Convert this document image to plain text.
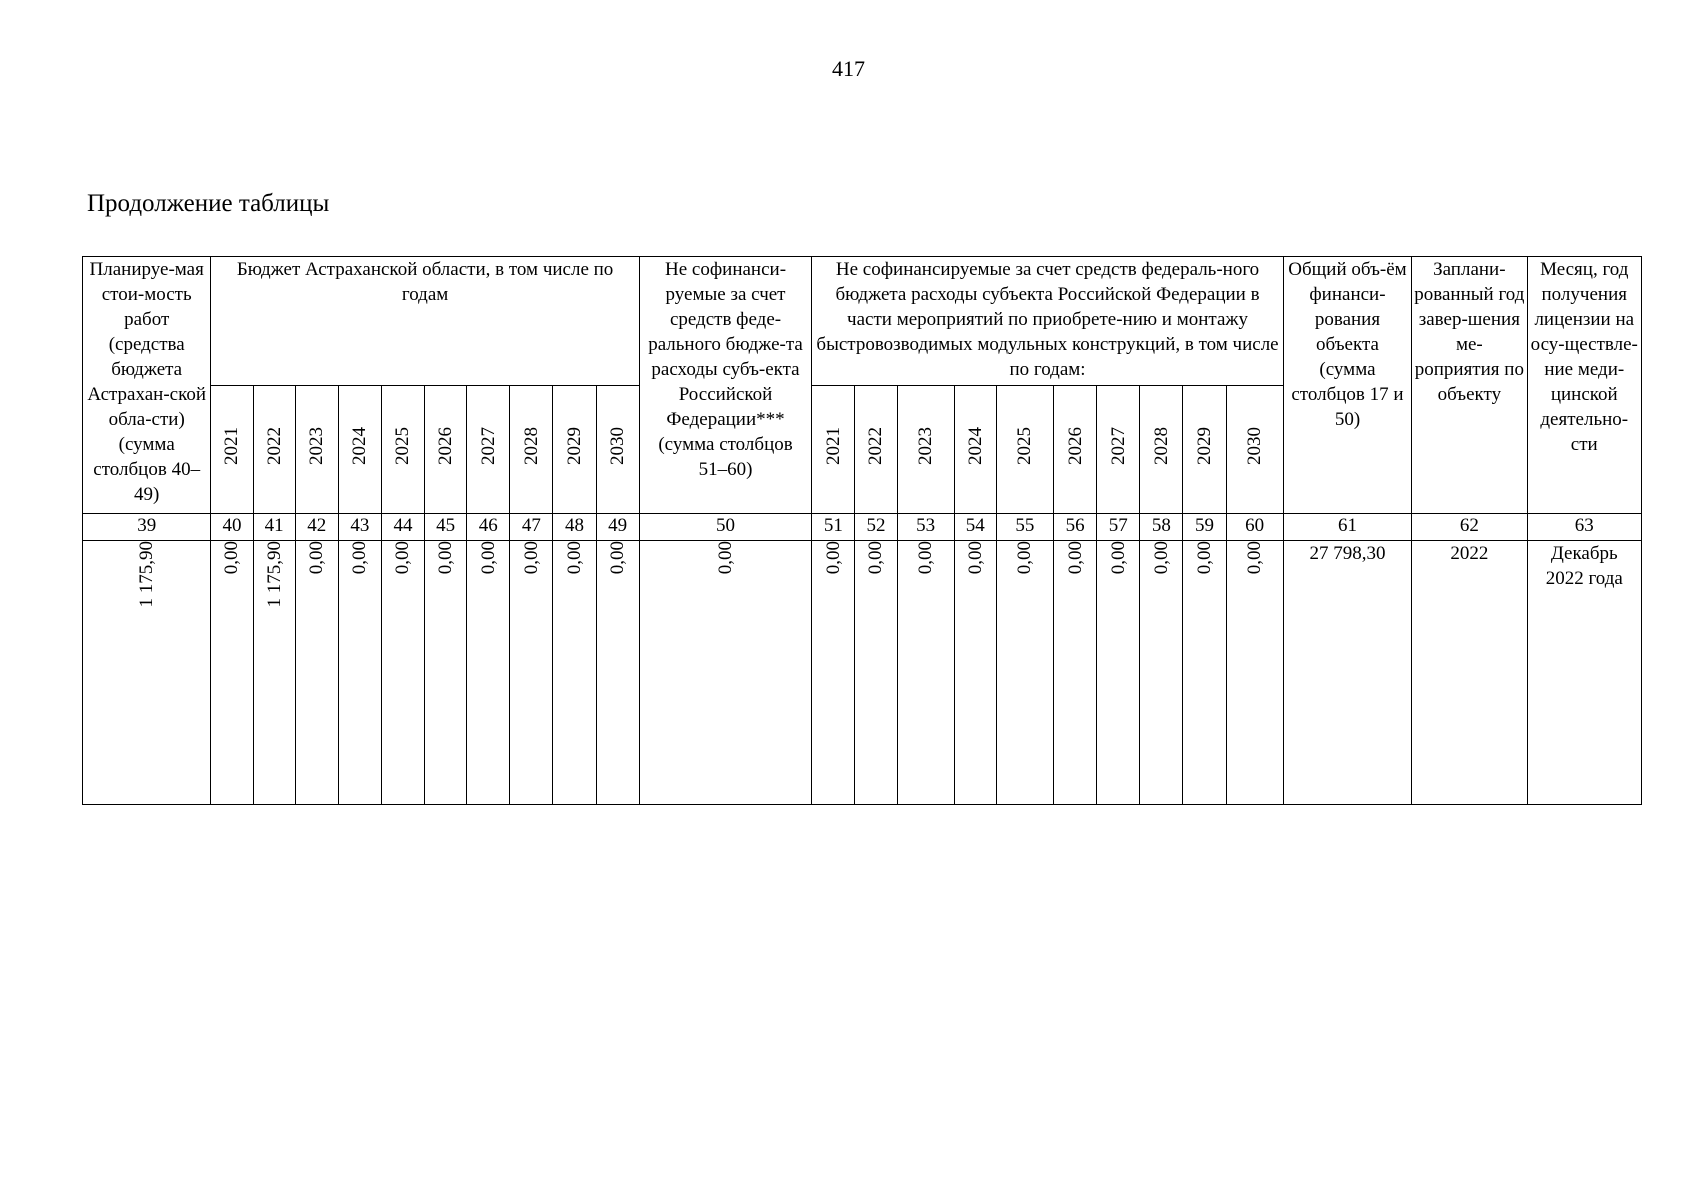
417
Продолжение таблицы
Планируе-мая стои-мость работ (средства бюджета Астрахан-ской обла-сти) (сумма столбцов 40–49)	Бюджет Астраханской области, в том числе по годам										Не софинанси-руемые за счет средств феде-рального бюдже-та расходы субъ-екта Российской Федерации*** (сумма столбцов 51–60)	Не софинансируемые за счет средств федераль-ного бюджета расходы субъекта Российской Федерации в части мероприятий по приобрете-нию и монтажу быстровозводимых модульных конструкций, в том числе по годам:										Общий объ-ём финанси-рования объекта (сумма столбцов 17 и 50)	Заплани-рованный год завер-шения ме-роприятия по объекту	Месяц, год получения лицензии на осу-ществле-ние меди-цинской деятельно-сти
	2021	2022	2023	2024	2025	2026	2027	2028	2029	2030		2021	2022	2023	2024	2025	2026	2027	2028	2029	2030			
39	40	41	42	43	44	45	46	47	48	49	50	51	52	53	54	55	56	57	58	59	60	61	62	63
1 175,90	0,00	1 175,90	0,00	0,00	0,00	0,00	0,00	0,00	0,00	0,00	0,00	0,00	0,00	0,00	0,00	0,00	0,00	0,00	0,00	0,00	0,00	27 798,30	2022	Декабрь 2022 года
